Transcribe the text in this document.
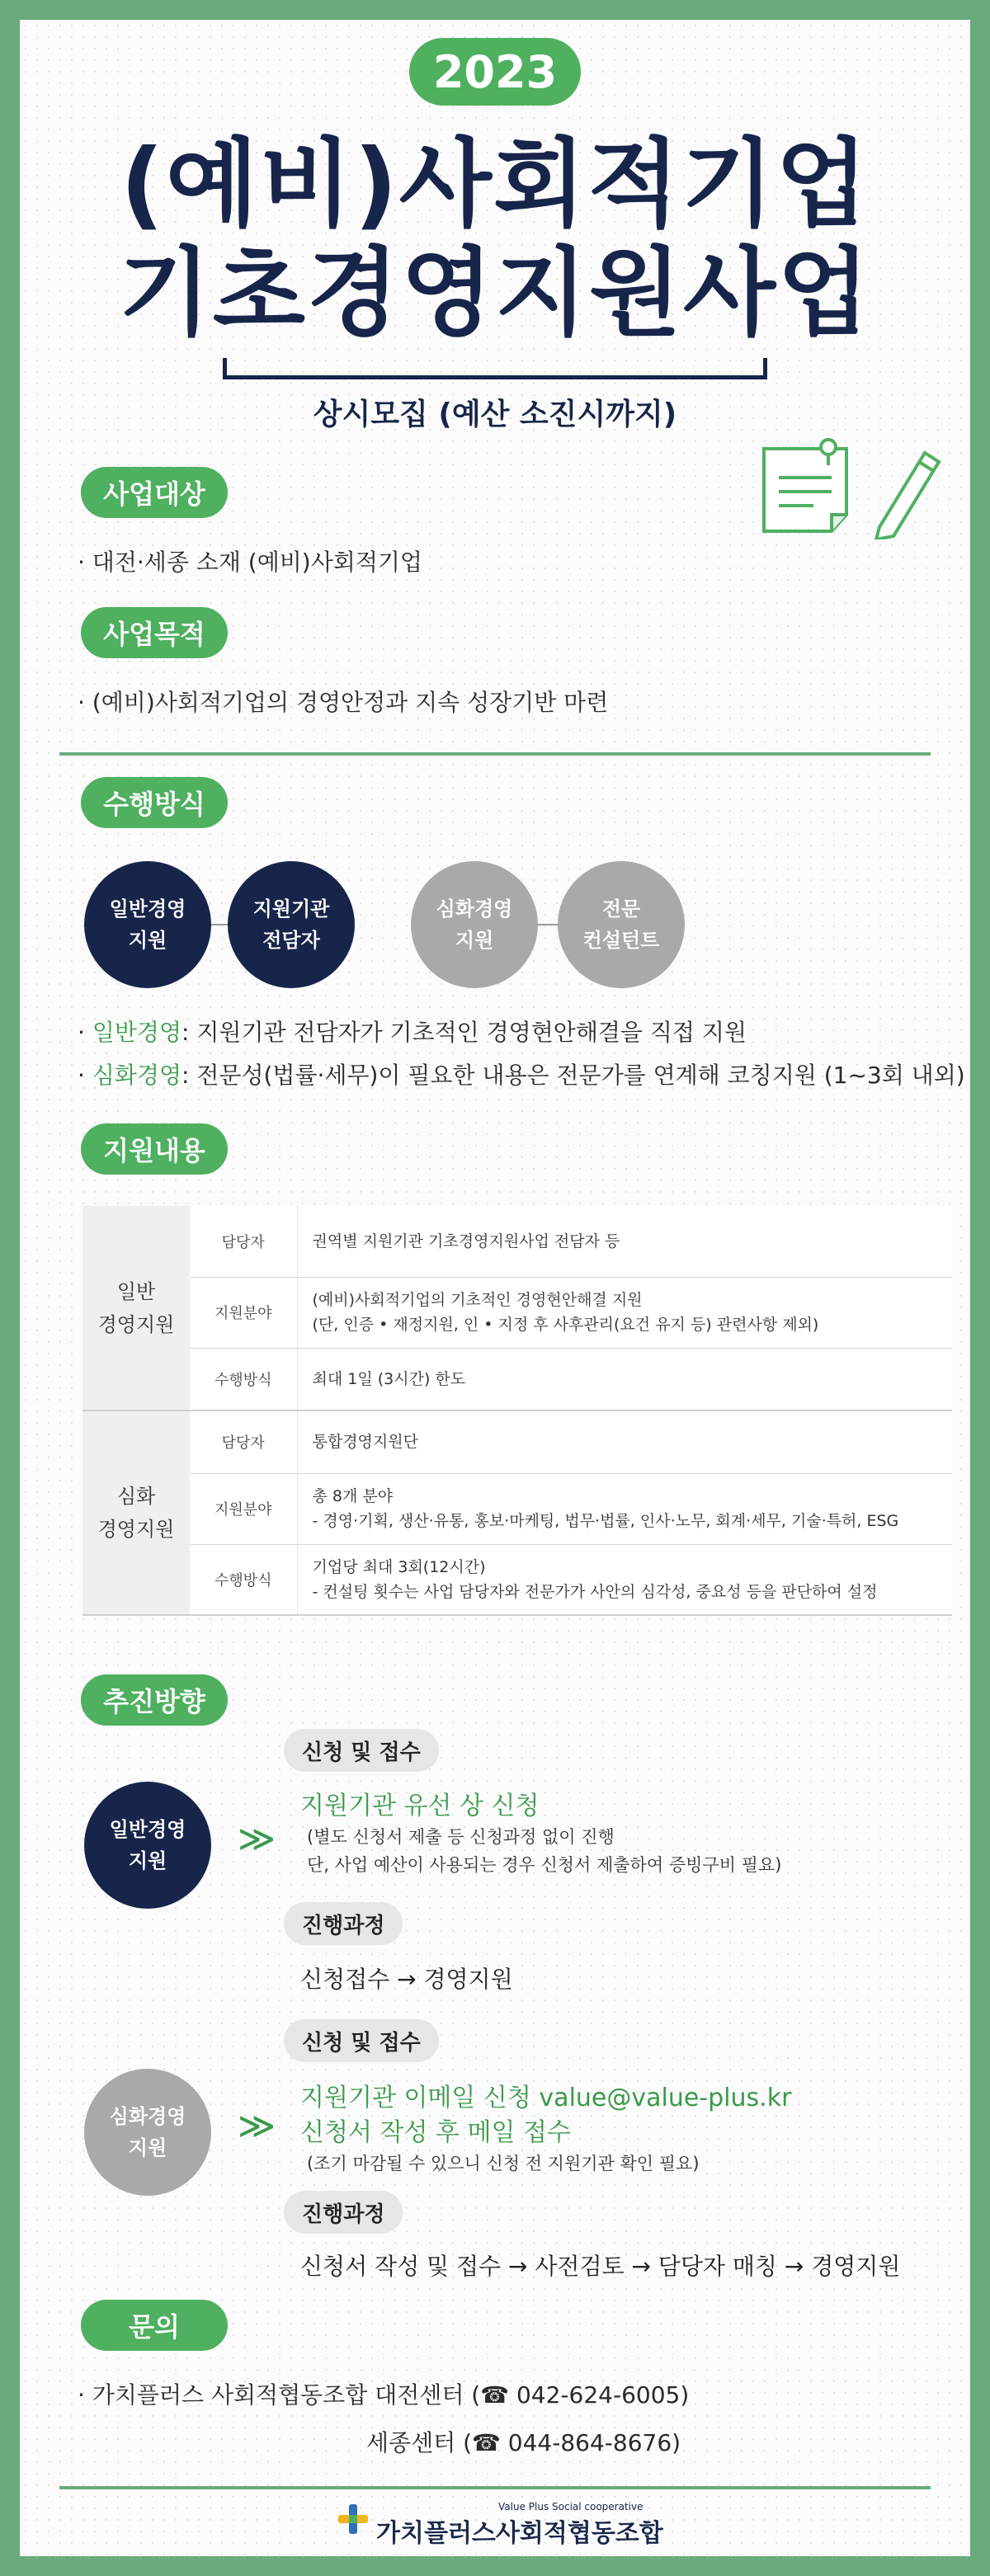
2023
(예비)사회적기업
기초경영지원사업
상시모집 (예산 소진시까지)
사업대상
· 대전·세종 소재 (예비)사회적기업
사업목적
· (예비)사회적기업의 경영안정과 지속 성장기반 마련
수행방식
일반경영
지원
지원기관
전담자
심화경영
지원
전문
컨설턴트
· 일반경영: 지원기관 전담자가 기초적인 경영현안해결을 직접 지원
· 심화경영: 전문성(법률·세무)이 필요한 내용은 전문가를 연계해 코칭지원 (1~3회 내외)
지원내용
일반
경영지원	담당자	권역별 지원기관 기초경영지원사업 전담자 등
	지원분야	(예비)사회적기업의 기초적인 경영현안해결 지원
(단, 인증 • 재정지원, 인 • 지정 후 사후관리(요건 유지 등) 관련사항 제외)
	수행방식	최대 1일 (3시간) 한도
심화
경영지원	담당자	통합경영지원단
	지원분야	총 8개 분야
- 경영·기획, 생산·유통, 홍보·마케팅, 법무·법률, 인사·노무, 회계·세무, 기술·특허, ESG
	수행방식	기업당 최대 3회(12시간)
- 컨설팅 횟수는 사업 담당자와 전문가가 사안의 심각성, 중요성 등을 판단하여 설정
추진방향
일반경영
지원
≫
신청 및 접수
지원기관 유선 상 신청
(별도 신청서 제출 등 신청과정 없이 진행
단, 사업 예산이 사용되는 경우 신청서 제출하여 증빙구비 필요)
진행과정
신청접수 → 경영지원
심화경영
지원
≫
신청 및 접수
지원기관 이메일 신청 value@value-plus.kr
신청서 작성 후 메일 접수
(조기 마감될 수 있으니 신청 전 지원기관 확인 필요)
진행과정
신청서 작성 및 접수 → 사전검토 → 담당자 매칭 → 경영지원
문의
· 가치플러스 사회적협동조합 대전센터 (☎ 042-624-6005)
세종센터 (☎ 044-864-8676)
Value Plus Social cooperative
가치플러스사회적협동조합
